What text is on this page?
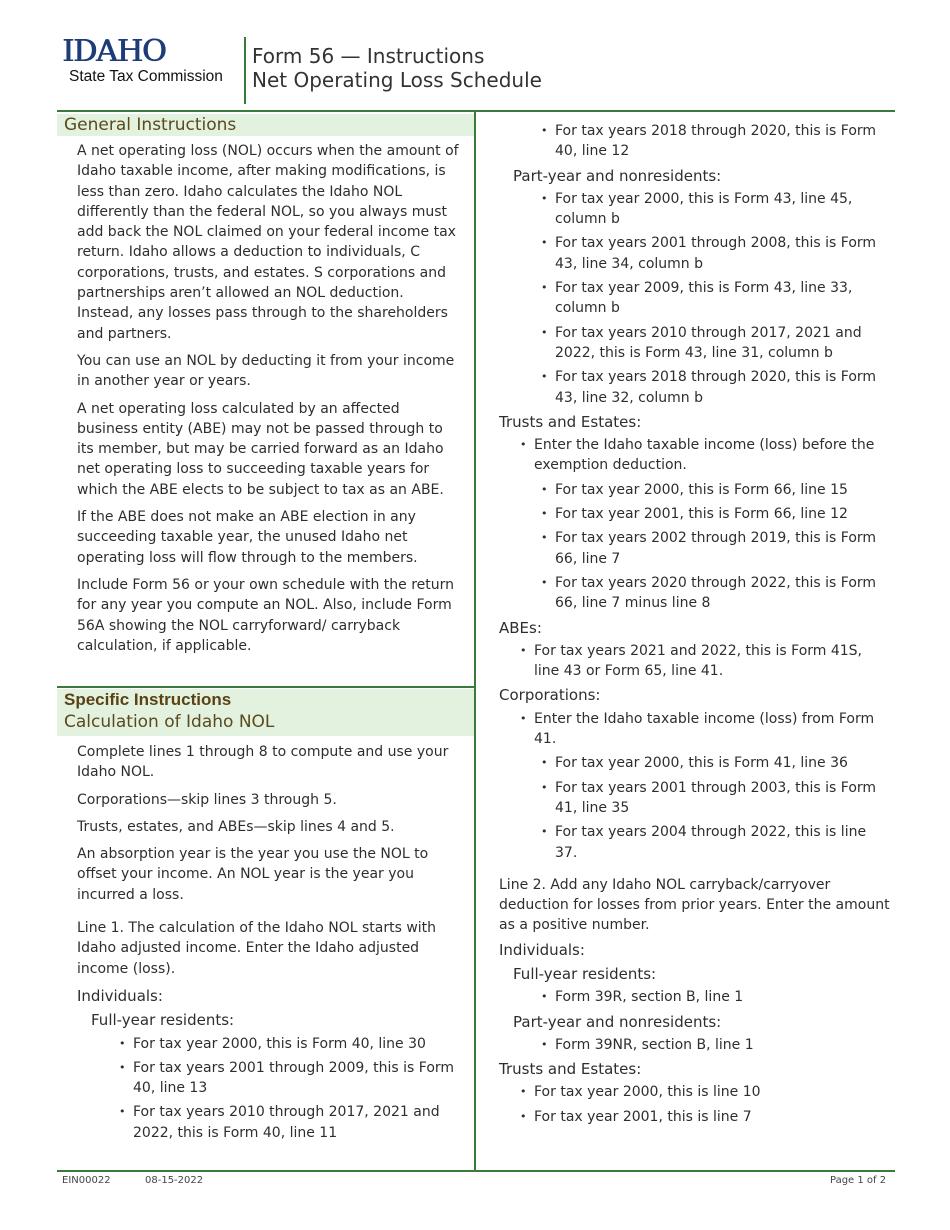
IDAHO
State Tax Commission
Form 56 — Instructions
Net Operating Loss Schedule
General Instructions

A net operating loss (NOL) occurs when the amount of Idaho taxable income, after making modifications, is less than zero. Idaho calculates the Idaho NOL differently than the federal NOL, so you always must add back the NOL claimed on your federal income tax return. Idaho allows a deduction to individuals, C corporations, trusts, and estates. S corporations and partnerships aren’t allowed an NOL deduction. Instead, any losses pass through to the shareholders and partners.

You can use an NOL by deducting it from your income in another year or years.

A net operating loss calculated by an affected business entity (ABE) may not be passed through to its member, but may be carried forward as an Idaho net operating loss to succeeding taxable years for which the ABE elects to be subject to tax as an ABE.

If the ABE does not make an ABE election in any succeeding taxable year, the unused Idaho net operating loss will flow through to the members.

Include Form 56 or your own schedule with the return for any year you compute an NOL. Also, include Form 56A showing the NOL carryforward/ carryback calculation, if applicable.

Specific Instructions
Calculation of Idaho NOL

Complete lines 1 through 8 to compute and use your Idaho NOL.

Corporations—skip lines 3 through 5.

Trusts, estates, and ABEs—skip lines 4 and 5.

An absorption year is the year you use the NOL to offset your income. An NOL year is the year you incurred a loss.

Line 1. The calculation of the Idaho NOL starts with Idaho adjusted income. Enter the Idaho adjusted income (loss).

Individuals:
Full-year residents:
• For tax year 2000, this is Form 40, line 30
• For tax years 2001 through 2009, this is Form 40, line 13
• For tax years 2010 through 2017, 2021 and 2022, this is Form 40, line 11
• For tax years 2018 through 2020, this is Form 40, line 12
Part-year and nonresidents:
• For tax year 2000, this is Form 43, line 45, column b
• For tax years 2001 through 2008, this is Form 43, line 34, column b
• For tax year 2009, this is Form 43, line 33, column b
• For tax years 2010 through 2017, 2021 and 2022, this is Form 43, line 31, column b
• For tax years 2018 through 2020, this is Form 43, line 32, column b
Trusts and Estates:
• Enter the Idaho taxable income (loss) before the exemption deduction.
• For tax year 2000, this is Form 66, line 15
• For tax year 2001, this is Form 66, line 12
• For tax years 2002 through 2019, this is Form 66, line 7
• For tax years 2020 through 2022, this is Form 66, line 7 minus line 8
ABEs:
• For tax years 2021 and 2022, this is Form 41S, line 43 or Form 65, line 41.
Corporations:
• Enter the Idaho taxable income (loss) from Form 41.
• For tax year 2000, this is Form 41, line 36
• For tax years 2001 through 2003, this is Form 41, line 35
• For tax years 2004 through 2022, this is line 37.

Line 2. Add any Idaho NOL carryback/carryover deduction for losses from prior years. Enter the amount as a positive number.

Individuals:
Full-year residents:
• Form 39R, section B, line 1
Part-year and nonresidents:
• Form 39NR, section B, line 1
Trusts and Estates:
• For tax year 2000, this is line 10
• For tax year 2001, this is line 7
EIN00022	08-15-2022	Page 1 of 2
